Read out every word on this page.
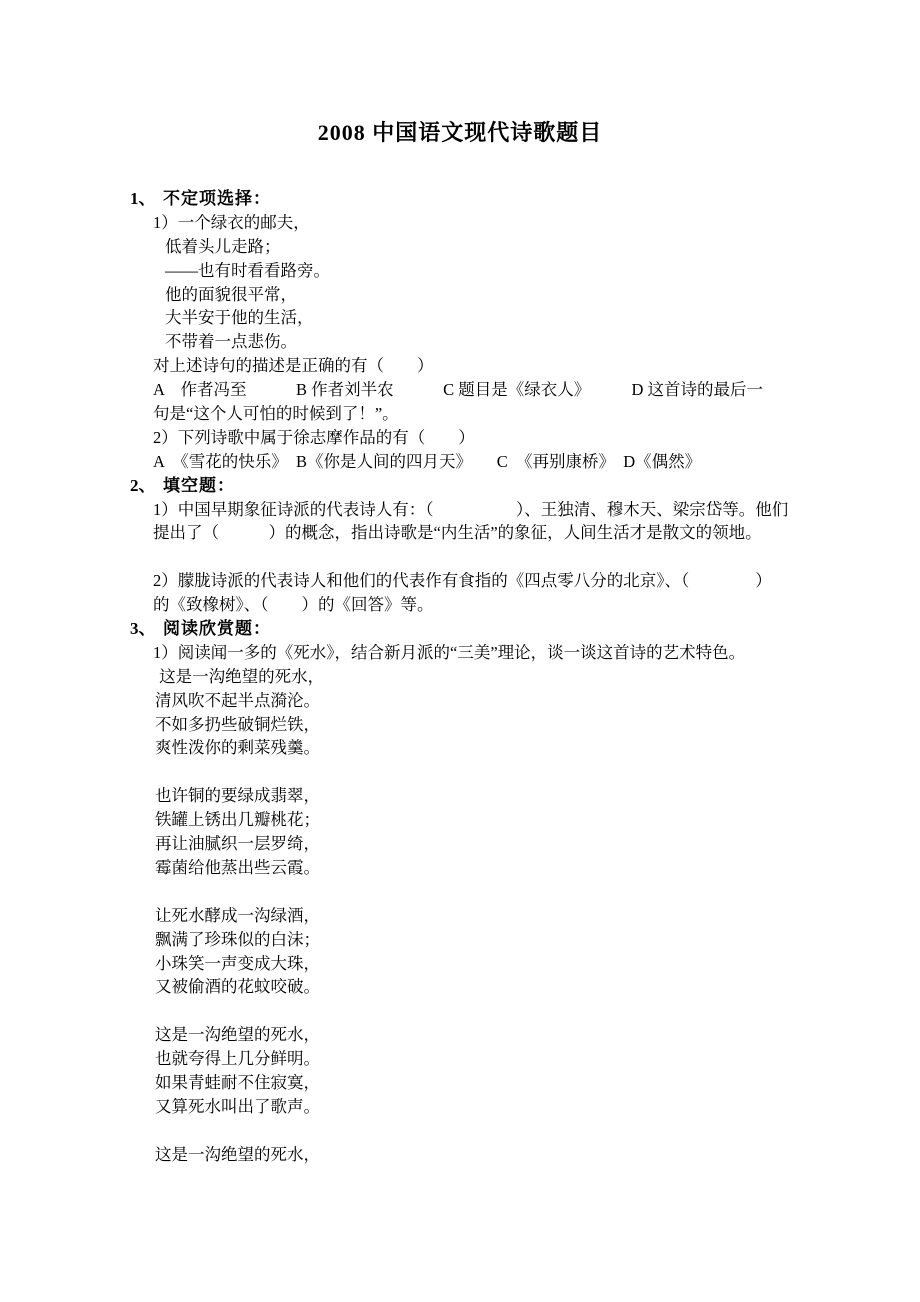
2008 中国语文现代诗歌题目
1、 不定项选择：
1）一个绿衣的邮夫，
低着头儿走路；
——也有时看看路旁。
他的面貌很平常，
大半安于他的生活，
不带着一点悲伤。
对上述诗句的描述是正确的有（　　）
A　作者冯至　　　B 作者刘半农　　　C 题目是《绿衣人》　　　D 这首诗的最后一
句是“这个人可怕的时候到了！”。
2）下列诗歌中属于徐志摩作品的有（　　）
A　《雪花的快乐》　B《你是人间的四月天》　　C　《再别康桥》　D《偶然》
2、 填空题：
1）中国早期象征诗派的代表诗人有：（　　　　　）、王独清、穆木天、梁宗岱等。他们
提出了（　　　）的概念，指出诗歌是“内生活”的象征，人间生活才是散文的领地。
2）朦胧诗派的代表诗人和他们的代表作有食指的《四点零八分的北京》、（　　　　）
的《致橡树》、（　　）的《回答》等。
3、 阅读欣赏题：
1）阅读闻一多的《死水》，结合新月派的“三美”理论，谈一谈这首诗的艺术特色。
这是一沟绝望的死水，
清风吹不起半点漪沦。
不如多扔些破铜烂铁，
爽性泼你的剩菜残羹。
也许铜的要绿成翡翠，
铁罐上锈出几瓣桃花；
再让油腻织一层罗绮，
霉菌给他蒸出些云霞。
让死水酵成一沟绿酒，
飘满了珍珠似的白沫；
小珠笑一声变成大珠，
又被偷酒的花蚊咬破。
这是一沟绝望的死水，
也就夸得上几分鲜明。
如果青蛙耐不住寂寞，
又算死水叫出了歌声。
这是一沟绝望的死水，
